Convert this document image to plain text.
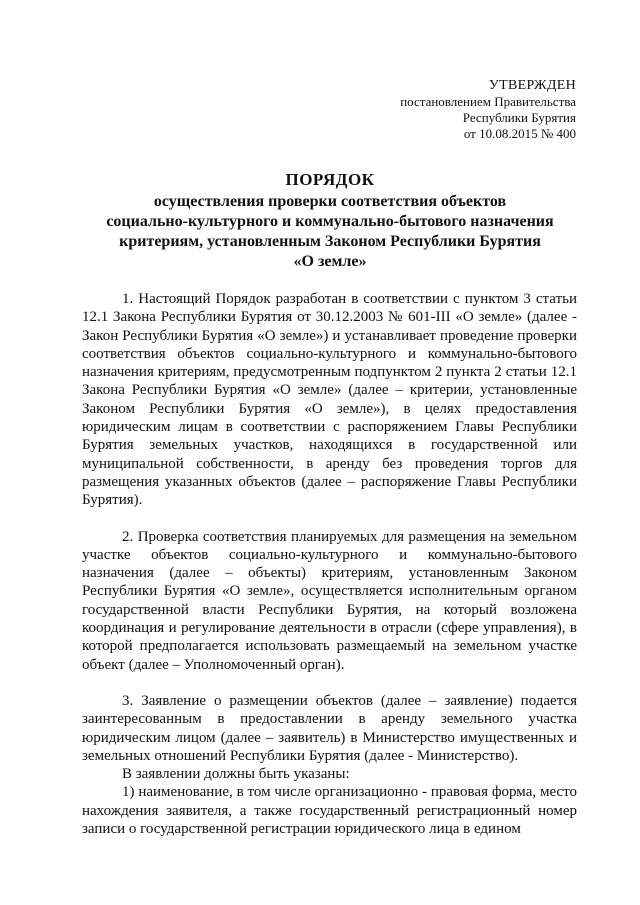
УТВЕРЖДЕН
постановлением Правительства
Республики Бурятия
от 10.08.2015 № 400
ПОРЯДОК
осуществления проверки соответствия объектов
социально-культурного и коммунально-бытового назначения
критериям, установленным Законом Республики Бурятия
«О земле»

1. Настоящий Порядок разработан в соответствии с пунктом 3 статьи 12.1 Закона Республики Бурятия от 30.12.2003 № 601-III «О земле» (далее - Закон Республики Бурятия «О земле») и устанавливает проведение проверки соответствия объектов социально-культурного и коммунально-бытового назначения критериям, предусмотренным подпунктом 2 пункта 2 статьи 12.1 Закона Республики Бурятия «О земле» (далее – критерии, установленные Законом Республики Бурятия «О земле»), в целях предоставления юридическим лицам в соответствии с распоряжением Главы Республики Бурятия земельных участков, находящихся в государственной или муниципальной собственности, в аренду без проведения торгов для размещения указанных объектов (далее – распоряжение Главы Республики Бурятия).

2. Проверка соответствия планируемых для размещения на земельном участке объектов социально-культурного и коммунально-бытового назначения (далее – объекты) критериям, установленным Законом Республики Бурятия «О земле», осуществляется исполнительным органом государственной власти Республики Бурятия, на который возложена координация и регулирование деятельности в отрасли (сфере управления), в которой предполагается использовать размещаемый на земельном участке объект (далее – Уполномоченный орган).

3. Заявление о размещении объектов (далее – заявление) подается заинтересованным в предоставлении в аренду земельного участка юридическим лицом (далее – заявитель) в Министерство имущественных и земельных отношений Республики Бурятия (далее - Министерство).

В заявлении должны быть указаны:

1) наименование, в том числе организационно - правовая форма, место нахождения заявителя, а также государственный регистрационный номер записи о государственной регистрации юридического лица в едином
